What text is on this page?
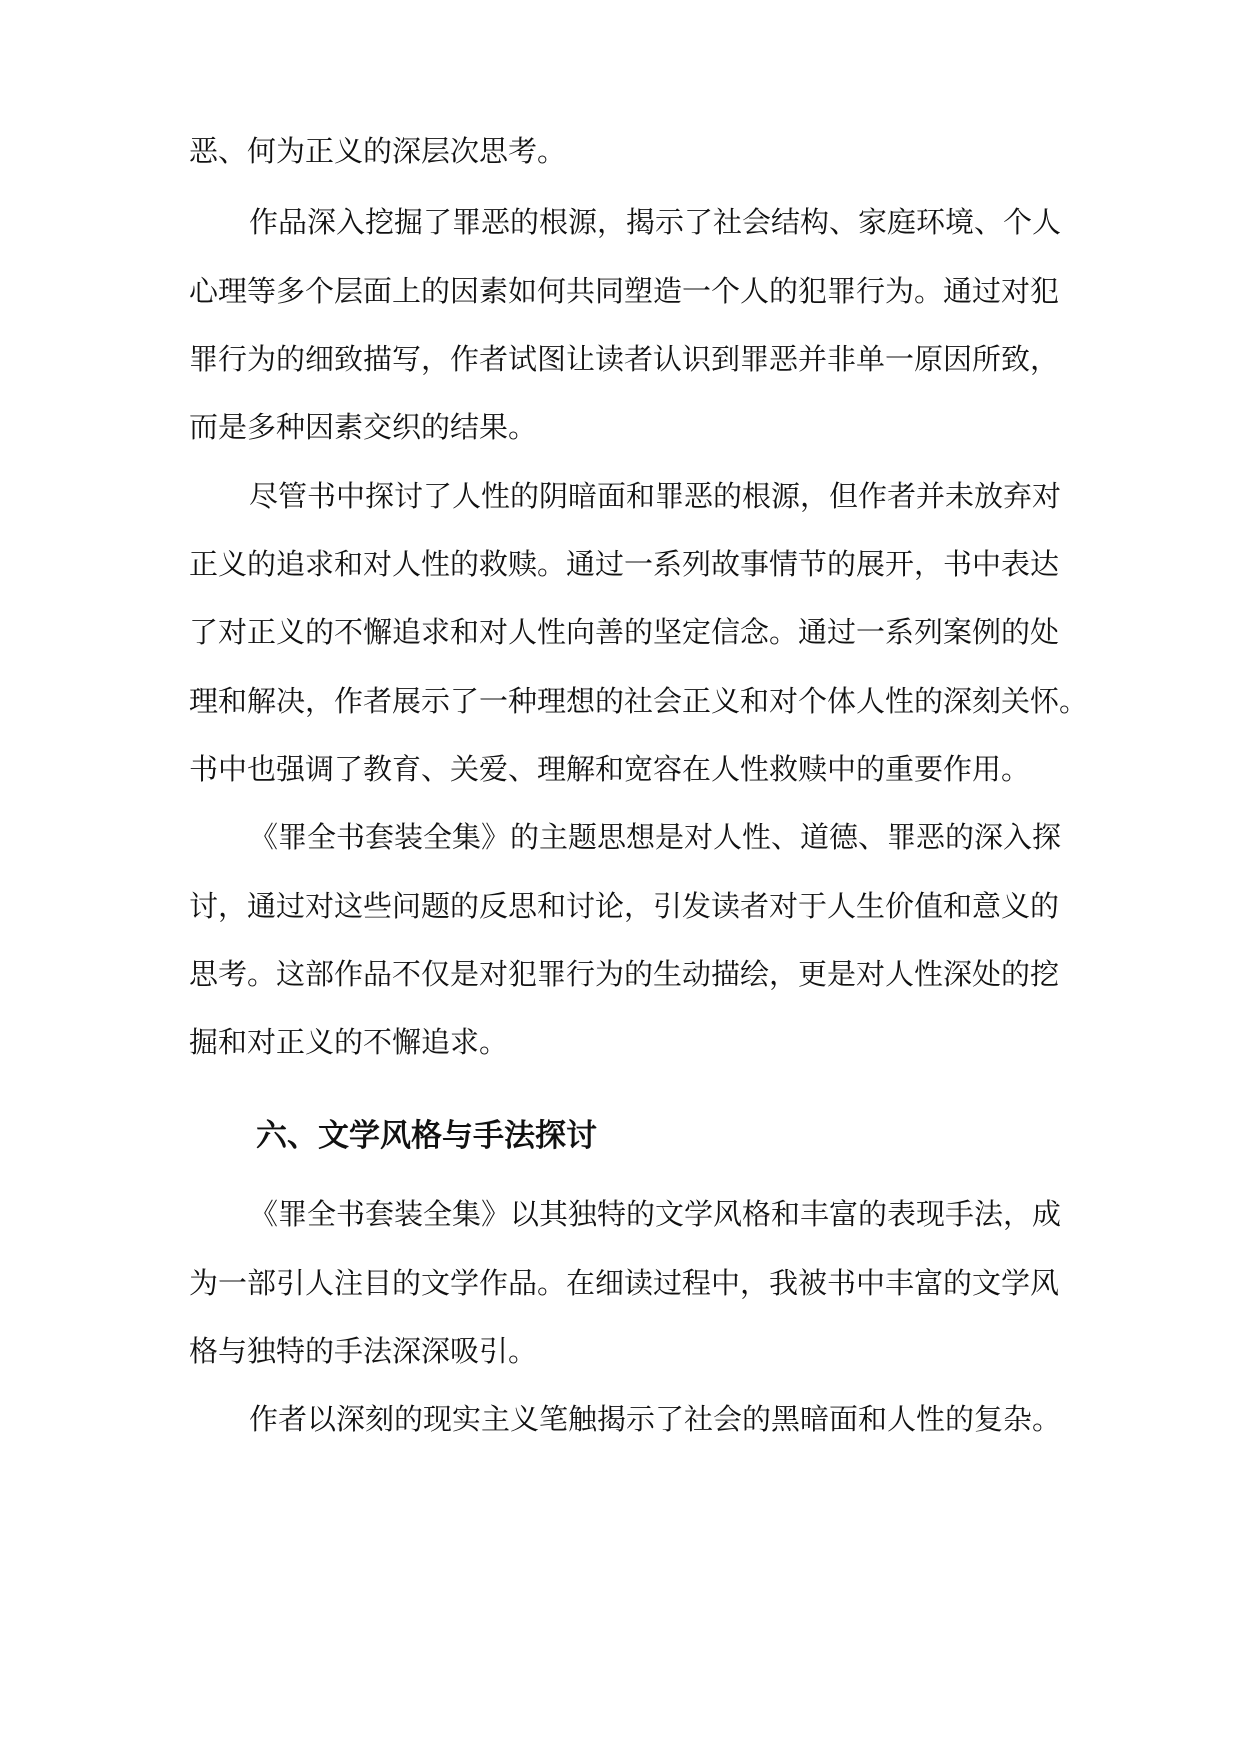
恶、何为正义的深层次思考。
作品深入挖掘了罪恶的根源，揭示了社会结构、家庭环境、个人
心理等多个层面上的因素如何共同塑造一个人的犯罪行为。通过对犯
罪行为的细致描写，作者试图让读者认识到罪恶并非单一原因所致，
而是多种因素交织的结果。
尽管书中探讨了人性的阴暗面和罪恶的根源，但作者并未放弃对
正义的追求和对人性的救赎。通过一系列故事情节的展开，书中表达
了对正义的不懈追求和对人性向善的坚定信念。通过一系列案例的处
理和解决，作者展示了一种理想的社会正义和对个体人性的深刻关怀。
书中也强调了教育、关爱、理解和宽容在人性救赎中的重要作用。
《罪全书套装全集》的主题思想是对人性、道德、罪恶的深入探
讨，通过对这些问题的反思和讨论，引发读者对于人生价值和意义的
思考。这部作品不仅是对犯罪行为的生动描绘，更是对人性深处的挖
掘和对正义的不懈追求。
六、文学风格与手法探讨
《罪全书套装全集》以其独特的文学风格和丰富的表现手法，成
为一部引人注目的文学作品。在细读过程中，我被书中丰富的文学风
格与独特的手法深深吸引。
作者以深刻的现实主义笔触揭示了社会的黑暗面和人性的复杂。
